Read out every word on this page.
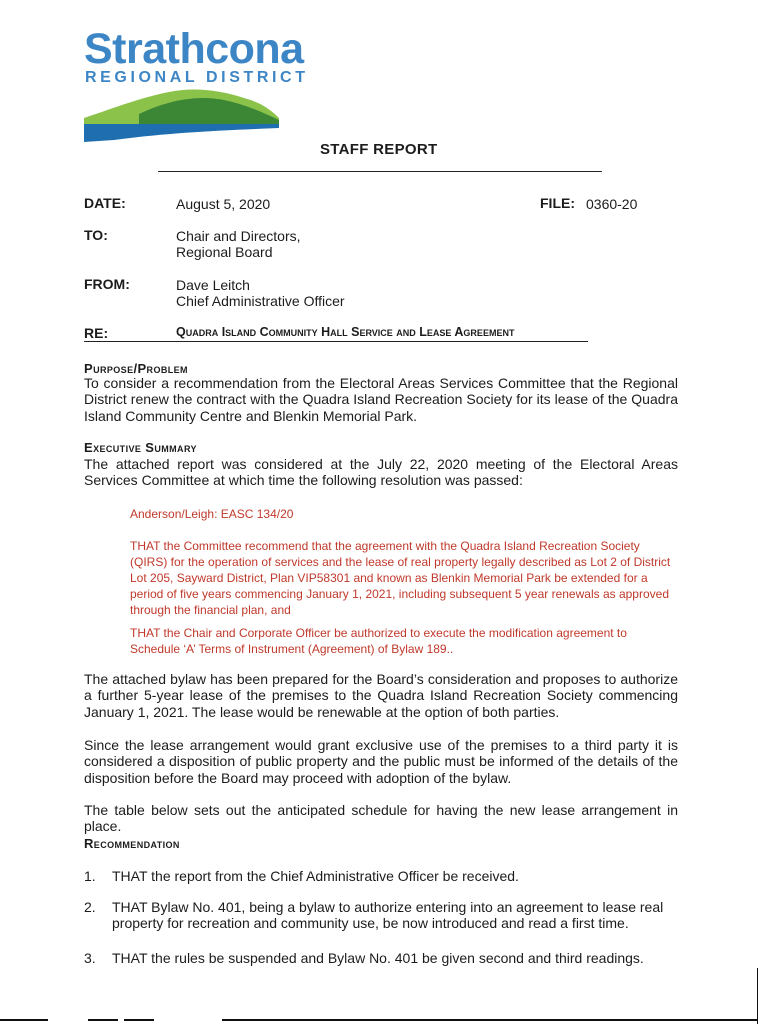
Strathcona
REGIONAL DISTRICT
STAFF REPORT
DATE:	August 5, 2020	FILE: 0360-20
TO:	Chair and Directors,
Regional Board
FROM:	Dave Leitch
Chief Administrative Officer
RE:	Quadra Island Community Hall Service and Lease Agreement
Purpose/Problem
To consider a recommendation from the Electoral Areas Services Committee that the Regional District renew the contract with the Quadra Island Recreation Society for its lease of the Quadra Island Community Centre and Blenkin Memorial Park.
Executive Summary
The attached report was considered at the July 22, 2020 meeting of the Electoral Areas Services Committee at which time the following resolution was passed:
Anderson/Leigh: EASC 134/20
THAT the Committee recommend that the agreement with the Quadra Island Recreation Society (QIRS) for the operation of services and the lease of real property legally described as Lot 2 of District Lot 205, Sayward District, Plan VIP58301 and known as Blenkin Memorial Park be extended for a period of five years commencing January 1, 2021, including subsequent 5 year renewals as approved through the financial plan, and
THAT the Chair and Corporate Officer be authorized to execute the modification agreement to Schedule ‘A’ Terms of Instrument (Agreement) of Bylaw 189..
The attached bylaw has been prepared for the Board’s consideration and proposes to authorize a further 5-year lease of the premises to the Quadra Island Recreation Society commencing January 1, 2021. The lease would be renewable at the option of both parties.
Since the lease arrangement would grant exclusive use of the premises to a third party it is considered a disposition of public property and the public must be informed of the details of the disposition before the Board may proceed with adoption of the bylaw.
The table below sets out the anticipated schedule for having the new lease arrangement in place.
Recommendation
1. THAT the report from the Chief Administrative Officer be received.
2. THAT Bylaw No. 401, being a bylaw to authorize entering into an agreement to lease real property for recreation and community use, be now introduced and read a first time.
3. THAT the rules be suspended and Bylaw No. 401 be given second and third readings.
